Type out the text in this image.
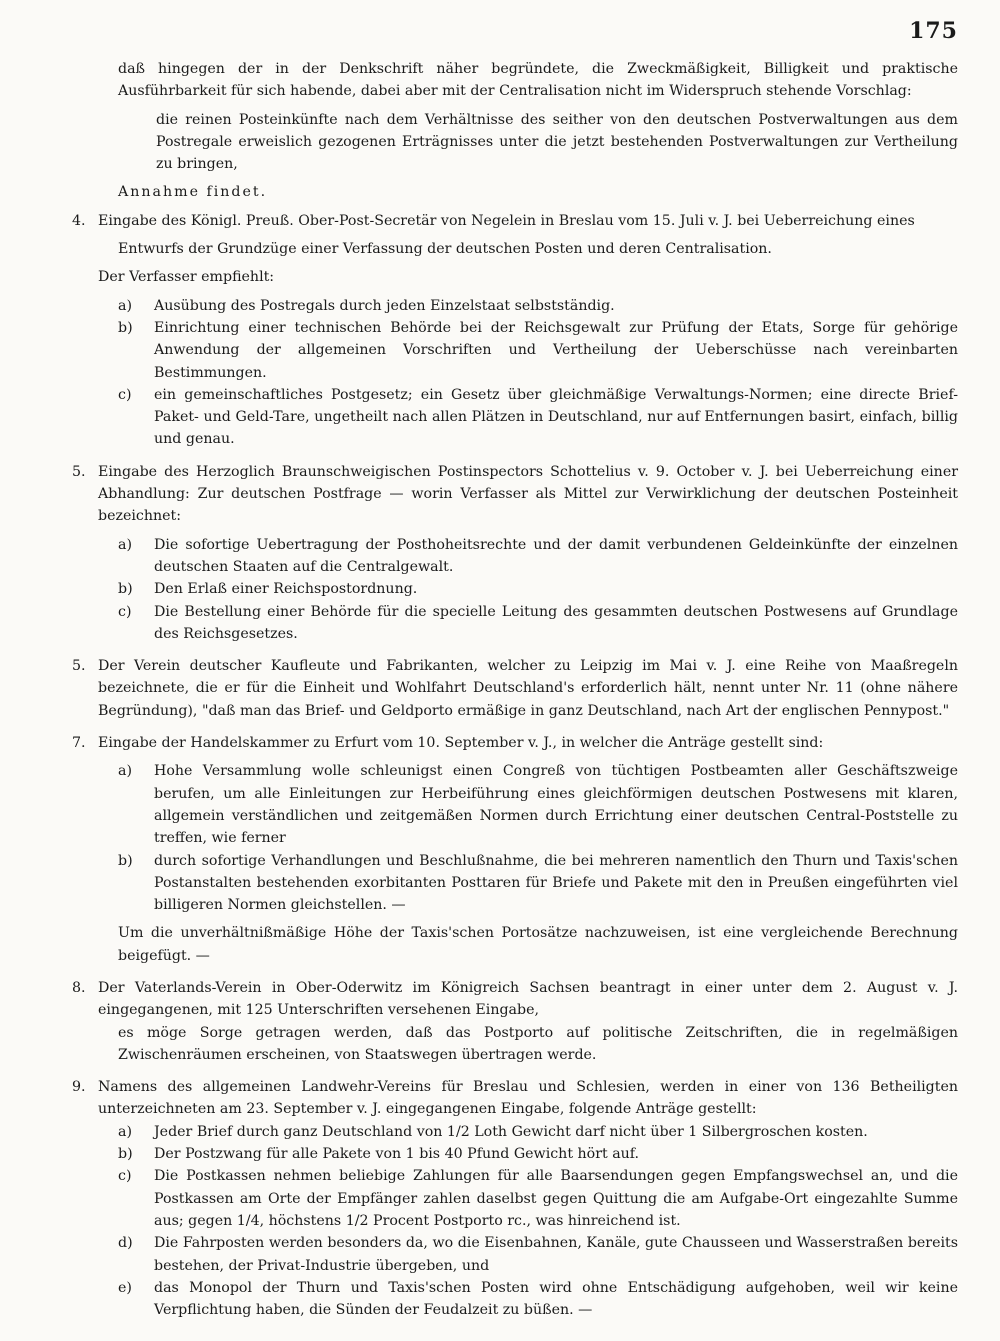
175

daß hingegen der in der Denkschrift näher begründete, die Zweckmäßigkeit, Billigkeit und praktische Ausführbarkeit für sich habende, dabei aber mit der Centralisation nicht im Widerspruch stehende Vorschlag:

die reinen Posteinkünfte nach dem Verhältnisse des seither von den deutschen Postverwaltungen aus dem Postregale erweislich gezogenen Erträgnisses unter die jetzt bestehenden Postverwaltungen zur Vertheilung zu bringen,

Annahme findet.

4. Eingabe des Königl. Preuß. Ober-Post-Secretär von Negelein in Breslau vom 15. Juli v. J. bei Ueberreichung eines

Entwurfs der Grundzüge einer Verfassung der deutschen Posten und deren Centralisation.

Der Verfasser empfiehlt:

a)	Ausübung des Postregals durch jeden Einzelstaat selbstständig.

b)	Einrichtung einer technischen Behörde bei der Reichsgewalt zur Prüfung der Etats, Sorge für gehörige Anwendung der allgemeinen Vorschriften und Vertheilung der Ueberschüsse nach vereinbarten Bestimmungen.

c)	ein gemeinschaftliches Postgesetz; ein Gesetz über gleichmäßige Verwaltungs-Normen; eine directe Brief-Paket- und Geld-Tare, ungetheilt nach allen Plätzen in Deutschland, nur auf Entfernungen basirt, einfach, billig und genau.

5. Eingabe des Herzoglich Braunschweigischen Postinspectors Schottelius v. 9. October v. J. bei Ueberreichung einer Abhandlung: Zur deutschen Postfrage — worin Verfasser als Mittel zur Verwirklichung der deutschen Posteinheit bezeichnet:

a)	Die sofortige Uebertragung der Posthoheitsrechte und der damit verbundenen Geldeinkünfte der einzelnen deutschen Staaten auf die Centralgewalt.

b)	Den Erlaß einer Reichspostordnung.

c)	Die Bestellung einer Behörde für die specielle Leitung des gesammten deutschen Postwesens auf Grundlage des Reichsgesetzes.

5. Der Verein deutscher Kaufleute und Fabrikanten, welcher zu Leipzig im Mai v. J. eine Reihe von Maaßregeln bezeichnete, die er für die Einheit und Wohlfahrt Deutschland's erforderlich hält, nennt unter Nr. 11 (ohne nähere Begründung), "daß man das Brief- und Geldporto ermäßige in ganz Deutschland, nach Art der englischen Pennypost."

7. Eingabe der Handelskammer zu Erfurt vom 10. September v. J., in welcher die Anträge gestellt sind:

a)	Hohe Versammlung wolle schleunigst einen Congreß von tüchtigen Postbeamten aller Geschäftszweige berufen, um alle Einleitungen zur Herbeiführung eines gleichförmigen deutschen Postwesens mit klaren, allgemein verständlichen und zeitgemäßen Normen durch Errichtung einer deutschen Central-Poststelle zu treffen, wie ferner

b)	durch sofortige Verhandlungen und Beschlußnahme, die bei mehreren namentlich den Thurn und Taxis'schen Postanstalten bestehenden exorbitanten Posttaren für Briefe und Pakete mit den in Preußen eingeführten viel billigeren Normen gleichstellen. —

Um die unverhältnißmäßige Höhe der Taxis'schen Portosätze nachzuweisen, ist eine vergleichende Berechnung beigefügt. —

8. Der Vaterlands-Verein in Ober-Oderwitz im Königreich Sachsen beantragt in einer unter dem 2. August v. J. eingegangenen, mit 125 Unterschriften versehenen Eingabe,

es möge Sorge getragen werden, daß das Postporto auf politische Zeitschriften, die in regelmäßigen Zwischenräumen erscheinen, von Staatswegen übertragen werde.

9. Namens des allgemeinen Landwehr-Vereins für Breslau und Schlesien, werden in einer von 136 Betheiligten unterzeichneten am 23. September v. J. eingegangenen Eingabe, folgende Anträge gestellt:

a)	Jeder Brief durch ganz Deutschland von 1/2 Loth Gewicht darf nicht über 1 Silbergroschen kosten.

b)	Der Postzwang für alle Pakete von 1 bis 40 Pfund Gewicht hört auf.

c)	Die Postkassen nehmen beliebige Zahlungen für alle Baarsendungen gegen Empfangswechsel an, und die Postkassen am Orte der Empfänger zahlen daselbst gegen Quittung die am Aufgabe-Ort eingezahlte Summe aus; gegen 1/4, höchstens 1/2 Procent Postporto rc., was hinreichend ist.

d)	Die Fahrposten werden besonders da, wo die Eisenbahnen, Kanäle, gute Chausseen und Wasserstraßen bereits bestehen, der Privat-Industrie übergeben, und

e)	das Monopol der Thurn und Taxis'schen Posten wird ohne Entschädigung aufgehoben, weil wir keine Verpflichtung haben, die Sünden der Feudalzeit zu büßen. —
